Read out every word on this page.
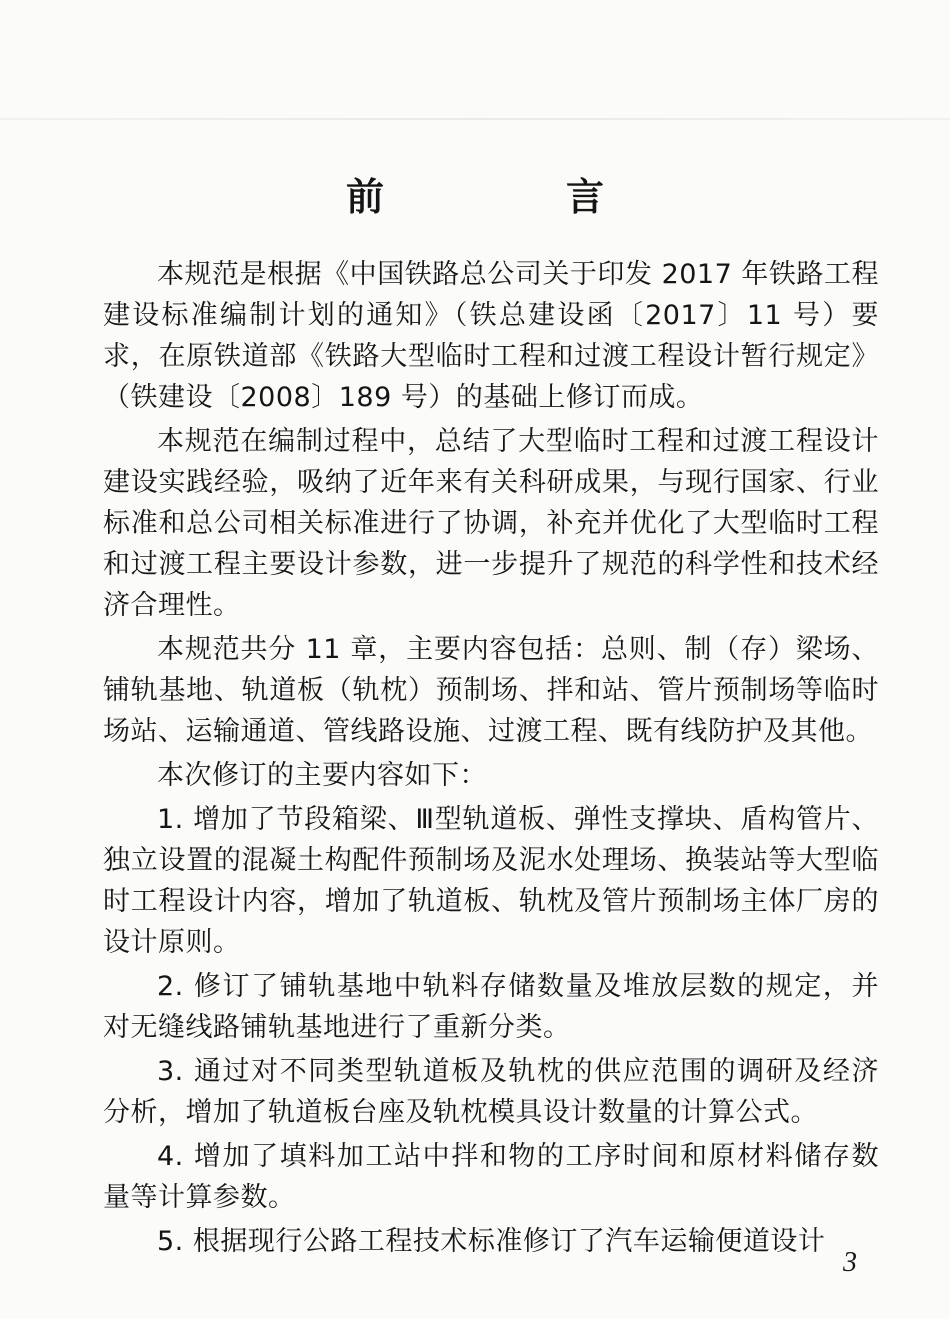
前　言

本规范是根据《中国铁路总公司关于印发 2017 年铁路工程建设标准编制计划的通知》（铁总建设函〔2017〕11 号）要求，在原铁道部《铁路大型临时工程和过渡工程设计暂行规定》（铁建设〔2008〕189 号）的基础上修订而成。

本规范在编制过程中，总结了大型临时工程和过渡工程设计建设实践经验，吸纳了近年来有关科研成果，与现行国家、行业标准和总公司相关标准进行了协调，补充并优化了大型临时工程和过渡工程主要设计参数，进一步提升了规范的科学性和技术经济合理性。

本规范共分 11 章，主要内容包括：总则、制（存）梁场、铺轨基地、轨道板（轨枕）预制场、拌和站、管片预制场等临时场站、运输通道、管线路设施、过渡工程、既有线防护及其他。

本次修订的主要内容如下：

1. 增加了节段箱梁、Ⅲ型轨道板、弹性支撑块、盾构管片、独立设置的混凝土构配件预制场及泥水处理场、换装站等大型临时工程设计内容，增加了轨道板、轨枕及管片预制场主体厂房的设计原则。

2. 修订了铺轨基地中轨料存储数量及堆放层数的规定，并对无缝线路铺轨基地进行了重新分类。

3. 通过对不同类型轨道板及轨枕的供应范围的调研及经济分析，增加了轨道板台座及轨枕模具设计数量的计算公式。

4. 增加了填料加工站中拌和物的工序时间和原材料储存数量等计算参数。

5. 根据现行公路工程技术标准修订了汽车运输便道设计

3
